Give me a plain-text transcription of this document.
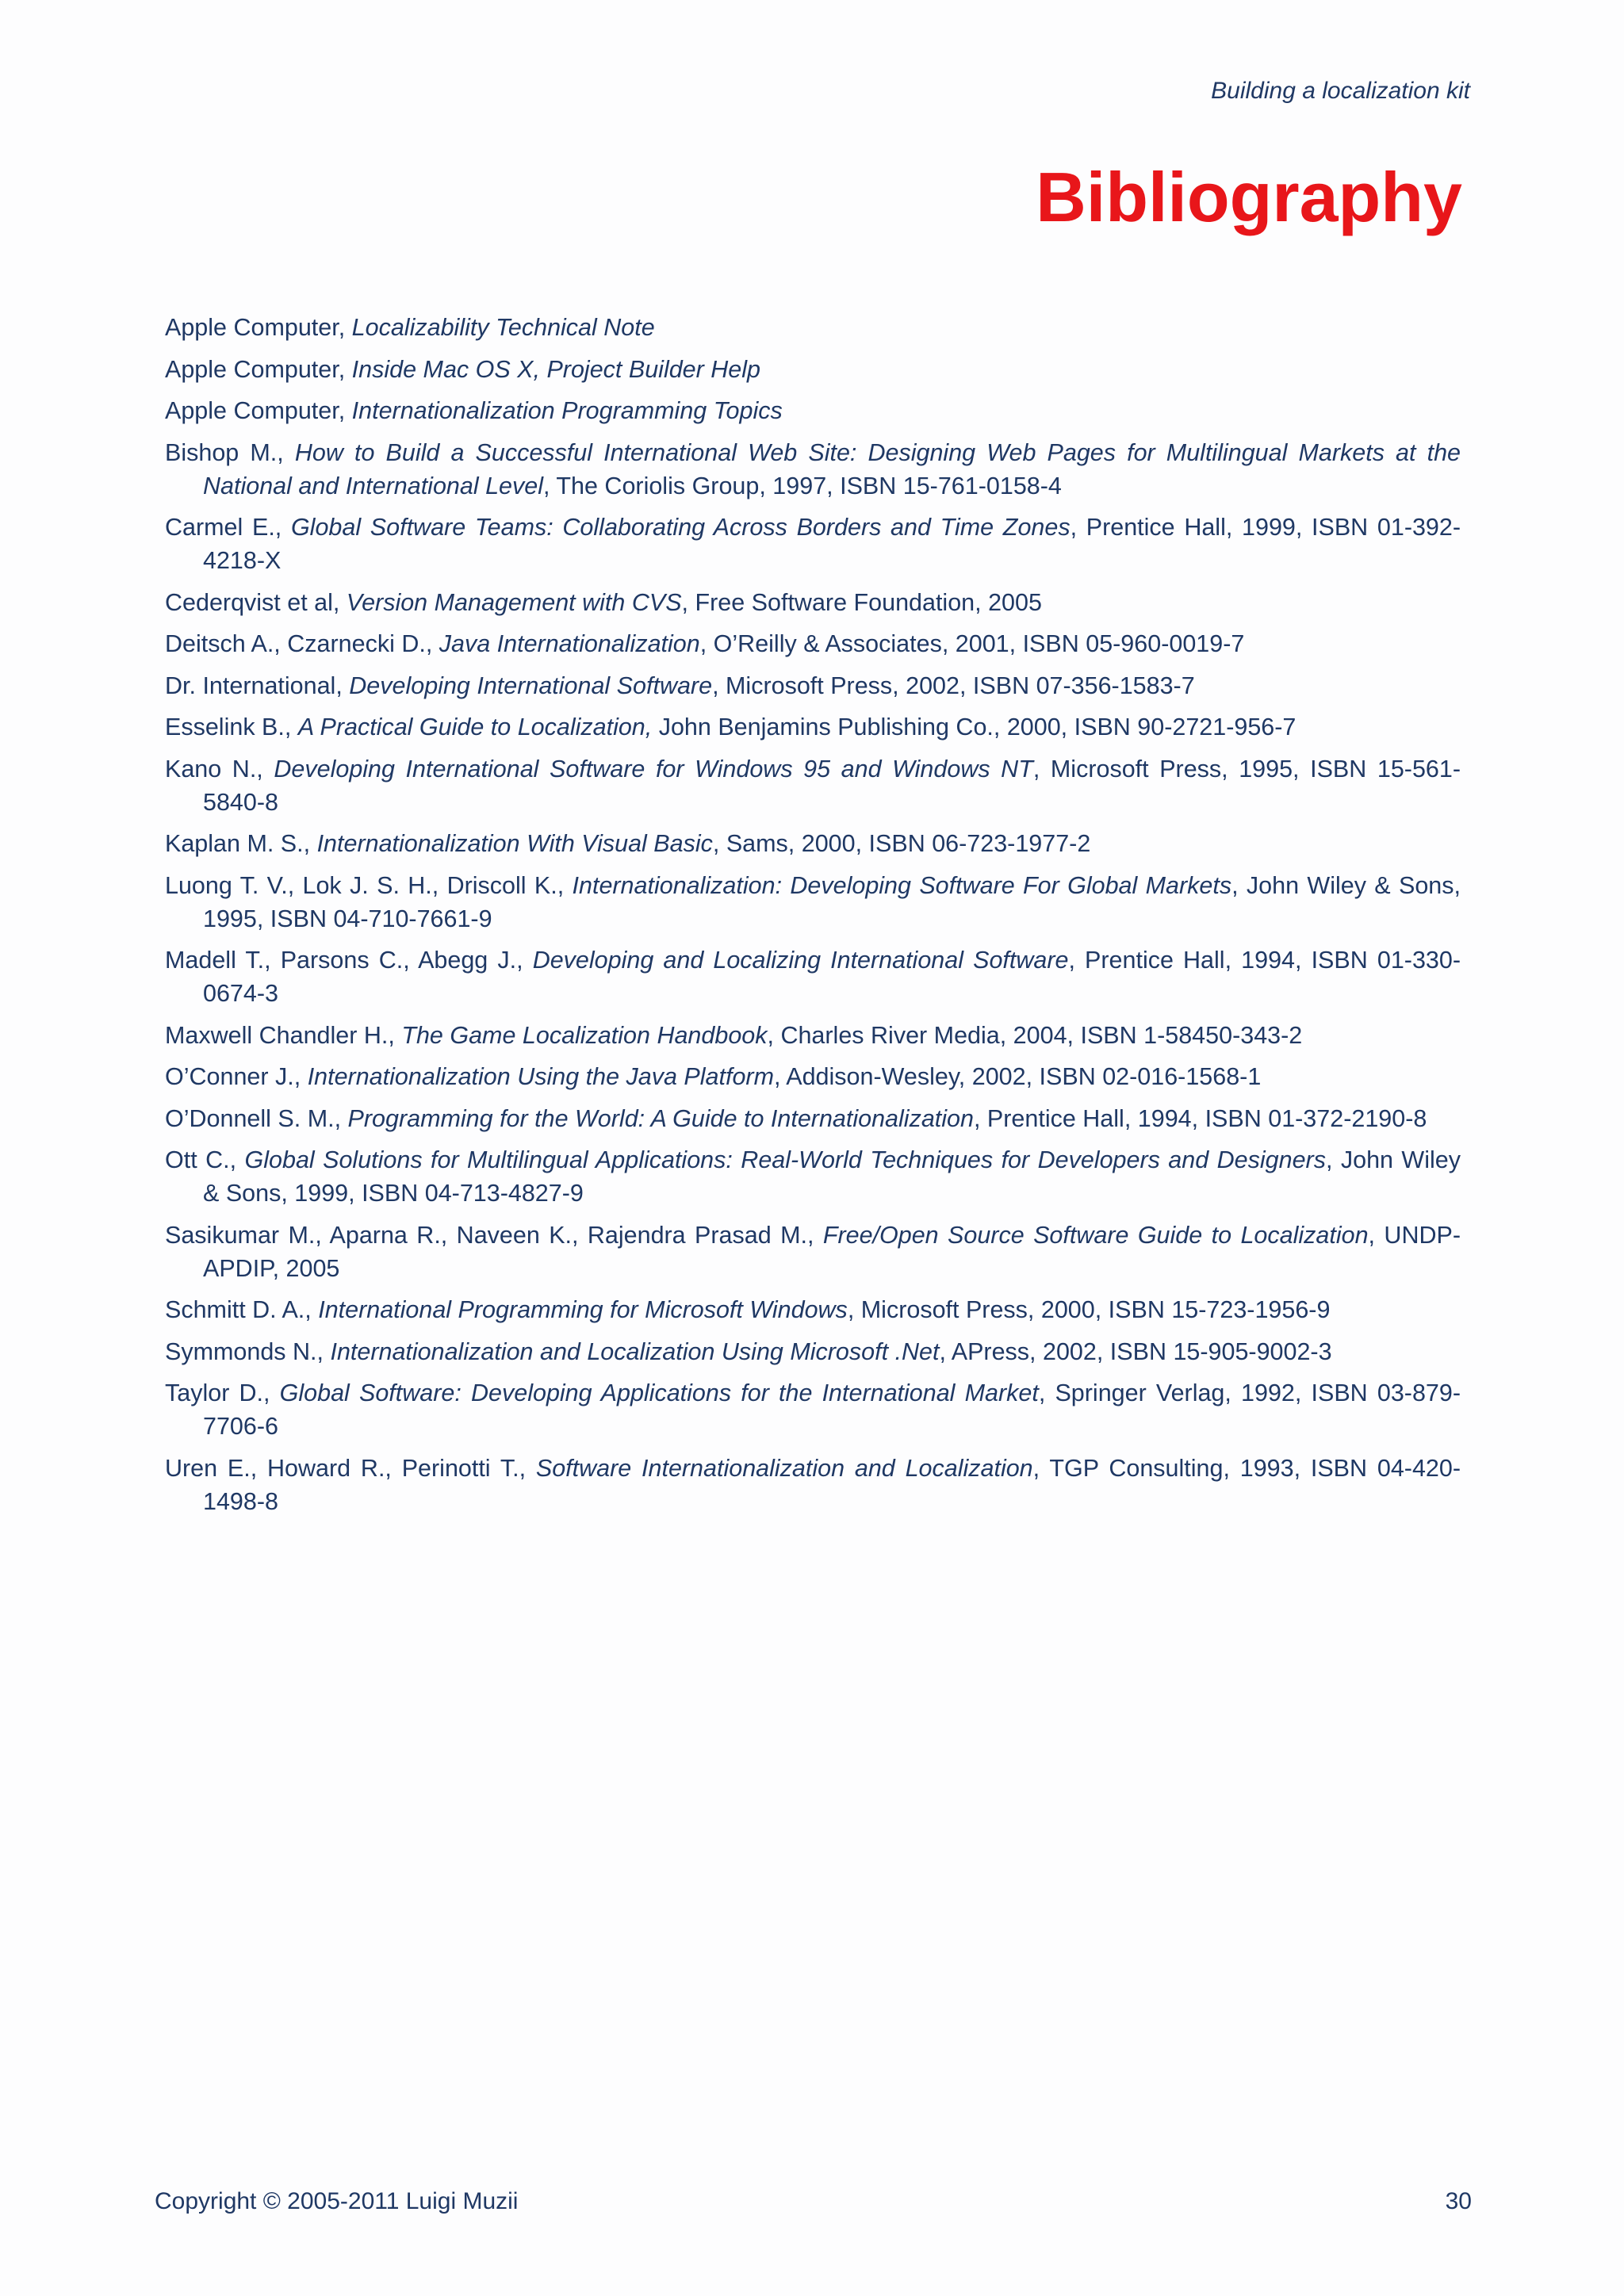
Building a localization kit
Bibliography
Apple Computer, Localizability Technical Note
Apple Computer, Inside Mac OS X, Project Builder Help
Apple Computer, Internationalization Programming Topics
Bishop M., How to Build a Successful International Web Site: Designing Web Pages for Multilingual Markets at the National and International Level, The Coriolis Group, 1997, ISBN 15-761-0158-4
Carmel E., Global Software Teams: Collaborating Across Borders and Time Zones, Prentice Hall, 1999, ISBN 01-392-4218-X
Cederqvist et al, Version Management with CVS, Free Software Foundation, 2005
Deitsch A., Czarnecki D., Java Internationalization, O’Reilly & Associates, 2001, ISBN 05-960-0019-7
Dr. International, Developing International Software, Microsoft Press, 2002, ISBN 07-356-1583-7
Esselink B., A Practical Guide to Localization, John Benjamins Publishing Co., 2000, ISBN 90-2721-956-7
Kano N., Developing International Software for Windows 95 and Windows NT, Microsoft Press, 1995, ISBN 15-561-5840-8
Kaplan M. S., Internationalization With Visual Basic, Sams, 2000, ISBN 06-723-1977-2
Luong T. V., Lok J. S. H., Driscoll K., Internationalization: Developing Software For Global Markets, John Wiley & Sons, 1995, ISBN 04-710-7661-9
Madell T., Parsons C., Abegg J., Developing and Localizing International Software, Prentice Hall, 1994, ISBN 01-330-0674-3
Maxwell Chandler H., The Game Localization Handbook, Charles River Media, 2004, ISBN 1-58450-343-2
O’Conner J., Internationalization Using the Java Platform, Addison-Wesley, 2002, ISBN 02-016-1568-1
O’Donnell S. M., Programming for the World: A Guide to Internationalization, Prentice Hall, 1994, ISBN 01-372-2190-8
Ott C., Global Solutions for Multilingual Applications: Real-World Techniques for Developers and Designers, John Wiley & Sons, 1999, ISBN 04-713-4827-9
Sasikumar M., Aparna R., Naveen K., Rajendra Prasad M., Free/Open Source Software Guide to Localization, UNDP-APDIP, 2005
Schmitt D. A., International Programming for Microsoft Windows, Microsoft Press, 2000, ISBN 15-723-1956-9
Symmonds N., Internationalization and Localization Using Microsoft .Net, APress, 2002, ISBN 15-905-9002-3
Taylor D., Global Software: Developing Applications for the International Market, Springer Verlag, 1992, ISBN 03-879-7706-6
Uren E., Howard R., Perinotti T., Software Internationalization and Localization, TGP Consulting, 1993, ISBN 04-420-1498-8
Copyright © 2005-2011 Luigi Muzii	30
